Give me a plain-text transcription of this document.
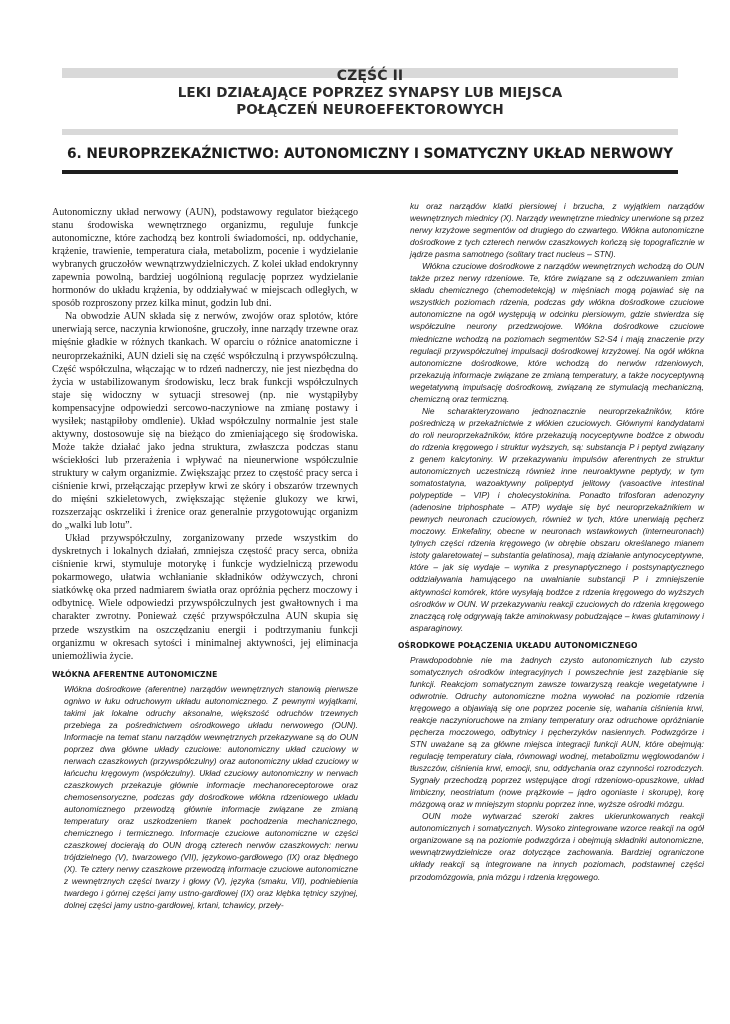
CZĘŚĆ II
LEKI DZIAŁAJĄCE POPRZEZ SYNAPSY LUB MIEJSCA
POŁĄCZEŃ NEUROEFEKTOROWYCH
6. NEUROPRZEKAŹNICTWO: AUTONOMICZNY I SOMATYCZNY UKŁAD NERWOWY

Autonomiczny układ nerwowy (AUN), podstawowy regulator bieżącego stanu środowiska wewnętrznego organizmu, reguluje funkcje autonomiczne, które zachodzą bez kontroli świadomości, np. oddychanie, krążenie, trawienie, temperatura ciała, metabolizm, pocenie i wydzielanie wybranych gruczołów wewnątrzwydzielniczych. Z kolei układ endokrynny zapewnia powolną, bardziej uogólnioną regulację poprzez wydzielanie hormonów do układu krążenia, by oddziaływać w miejscach odległych, w sposób rozproszony przez kilka minut, godzin lub dni.

Na obwodzie AUN składa się z nerwów, zwojów oraz splotów, które unerwiają serce, naczynia krwionośne, gruczoły, inne narządy trzewne oraz mięśnie gładkie w różnych tkankach. W oparciu o różnice anatomiczne i neuroprzekaźniki, AUN dzieli się na część współczulną i przywspółczulną. Część współczulna, włączając w to rdzeń nadnerczy, nie jest niezbędna do życia w ustabilizowanym środowisku, lecz brak funkcji współczulnych staje się widoczny w sytuacji stresowej (np. nie wystąpiłyby kompensacyjne odpowiedzi sercowo-naczyniowe na zmianę postawy i wysiłek; nastąpiłoby omdlenie). Układ współczulny normalnie jest stale aktywny, dostosowuje się na bieżąco do zmieniającego się środowiska. Może także działać jako jedna struktura, zwłaszcza podczas stanu wściekłości lub przerażenia i wpływać na nieunerwione współczulnie struktury w całym organizmie. Zwiększając przez to częstość pracy serca i ciśnienie krwi, przełączając przepływ krwi ze skóry i obszarów trzewnych do mięśni szkieletowych, zwiększając stężenie glukozy we krwi, rozszerzając oskrzeliki i źrenice oraz generalnie przygotowując organizm do „walki lub lotu”.

Układ przywspółczulny, zorganizowany przede wszystkim do dyskretnych i lokalnych działań, zmniejsza częstość pracy serca, obniża ciśnienie krwi, stymuluje motorykę i funkcje wydzielniczą przewodu pokarmowego, ułatwia wchłanianie składników odżywczych, chroni siatkówkę oka przed nadmiarem światła oraz opróżnia pęcherz moczowy i odbytnicę. Wiele odpowiedzi przywspółczulnych jest gwałtownych i ma charakter zwrotny. Ponieważ część przywspółczulna AUN skupia się przede wszystkim na oszczędzaniu energii i podtrzymaniu funkcji organizmu w okresach sytości i minimalnej aktywności, jej eliminacja uniemożliwia życie.

WŁÓKNA AFERENTNE AUTONOMICZNE

Włókna dośrodkowe (aferentne) narządów wewnętrznych stanowią pierwsze ogniwo w łuku odruchowym układu autonomicznego. Z pewnymi wyjątkami, takimi jak lokalne odruchy aksonalne, większość odruchów trzewnych przebiega za pośrednictwem ośrodkowego układu nerwowego (OUN). Informacje na temat stanu narządów wewnętrznych przekazywane są do OUN poprzez dwa główne układy czuciowe: autonomiczny układ czuciowy w nerwach czaszkowych (przywspółczulny) oraz autonomiczny układ czuciowy w łańcuchu kręgowym (współczulny). Układ czuciowy autonomiczny w nerwach czaszkowych przekazuje głównie informacje mechanoreceptorowe oraz chemosensoryczne, podczas gdy dośrodkowe włókna rdzeniowego układu autonomicznego przewodzą głównie informacje związane ze zmianą temperatury oraz uszkodzeniem tkanek pochodzenia mechanicznego, chemicznego i termicznego. Informacje czuciowe autonomiczne w części czaszkowej docierają do OUN drogą czterech nerwów czaszkowych: nerwu trójdzielnego (V), twarzowego (VII), językowo-gardłowego (IX) oraz błędnego (X). Te cztery nerwy czaszkowe przewodzą informacje czuciowe autonomiczne z wewnętrznych części twarzy i głowy (V), języka (smaku, VII), podniebienia twardego i górnej części jamy ustno-gardłowej (IX) oraz klębka tętnicy szyjnej, dolnej części jamy ustno-gardłowej, krtani, tchawicy, przeły-

ku oraz narządów klatki piersiowej i brzucha, z wyjątkiem narządów wewnętrznych miednicy (X). Narządy wewnętrzne miednicy unerwione są przez nerwy krzyżowe segmentów od drugiego do czwartego. Włókna autonomiczne dośrodkowe z tych czterech nerwów czaszkowych kończą się topograficznie w jądrze pasma samotnego (solitary tract nucleus – STN).

Włókna czuciowe dośrodkowe z narządów wewnętrznych wchodzą do OUN także przez nerwy rdzeniowe. Te, które związane są z odczuwaniem zmian składu chemicznego (chemodetekcją) w mięśniach mogą pojawiać się na wszystkich poziomach rdzenia, podczas gdy włókna dośrodkowe czuciowe autonomiczne na ogół występują w odcinku piersiowym, gdzie stwierdza się współczulne neurony przedzwojowe. Włókna dośrodkowe czuciowe miedniczne wchodzą na poziomach segmentów S2-S4 i mają znaczenie przy regulacji przywspółczulnej impulsacji dośrodkowej krzyżowej. Na ogół włókna autonomiczne dośrodkowe, które wchodzą do nerwów rdzeniowych, przekazują informacje związane ze zmianą temperatury, a także nocyceptywną wegetatywną impulsację dośrodkową, związaną ze stymulacją mechaniczną, chemiczną oraz termiczną.

Nie scharakteryzowano jednoznacznie neuroprzekaźników, które pośredniczą w przekaźnictwie z włókien czuciowych. Głównymi kandydatami do roli neuroprzekaźników, które przekazują nocyceptywne bodźce z obwodu do rdzenia kręgowego i struktur wyższych, są: substancja P i peptyd związany z genem kalcytoniny. W przekazywaniu impulsów aferentnych ze struktur autonomicznych uczestniczą również inne neuroaktywne peptydy, w tym somatostatyna, wazoaktywny polipeptyd jelitowy (vasoactive intestinal polypeptide – VIP) i cholecystokinina. Ponadto trifosforan adenozyny (adenosine triphosphate – ATP) wydaje się być neuroprzekaźnikiem w pewnych neuronach czuciowych, również w tych, które unerwiają pęcherz moczowy. Enkefaliny, obecne w neuronach wstawkowych (interneuronach) tylnych części rdzenia kręgowego (w obrębie obszaru określanego mianem istoty galaretowatej – substantia gelatinosa), mają działanie antynocyceptywne, które – jak się wydaje – wynika z presynaptycznego i postsynaptycznego oddziaływania hamującego na uwalnianie substancji P i zmniejszenie aktywności komórek, które wysyłają bodźce z rdzenia kręgowego do wyższych ośrodków w OUN. W przekazywaniu reakcji czuciowych do rdzenia kręgowego znaczącą rolę odgrywają także aminokwasy pobudzające – kwas glutaminowy i asparaginowy.

OŚRODKOWE POŁĄCZENIA UKŁADU AUTONOMICZNEGO

Prawdopodobnie nie ma żadnych czysto autonomicznych lub czysto somatycznych ośrodków integracyjnych i powszechnie jest zazębianie się funkcji. Reakcjom somatycznym zawsze towarzyszą reakcje wegetatywne i odwrotnie. Odruchy autonomiczne można wywołać na poziomie rdzenia kręgowego a objawiają się one poprzez pocenie się, wahania ciśnienia krwi, reakcje naczynioruchowe na zmiany temperatury oraz odruchowe opróżnianie pęcherza moczowego, odbytnicy i pęcherzyków nasiennych. Podwzgórze i STN uważane są za główne miejsca integracji funkcji AUN, które obejmują: regulację temperatury ciała, równowagi wodnej, metabolizmu węglowodanów i tłuszczów, ciśnienia krwi, emocji, snu, oddychania oraz czynności rozrodczych. Sygnały przechodzą poprzez wstępujące drogi rdzeniowo-opuszkowe, układ limbiczny, neostriatum (nowe prążkowie – jądro ogoniaste i skorupę), korę mózgową oraz w mniejszym stopniu poprzez inne, wyższe ośrodki mózgu.

OUN może wytwarzać szeroki zakres ukierunkowanych reakcji autonomicznych i somatycznych. Wysoko zintegrowane wzorce reakcji na ogół organizowane są na poziomie podwzgórza i obejmują składniki autonomiczne, wewnątrzwydzielnicze oraz dotyczące zachowania. Bardziej ograniczone układy reakcji są integrowane na innych poziomach, podstawnej części przodomózgowia, pnia mózgu i rdzenia kręgowego.
